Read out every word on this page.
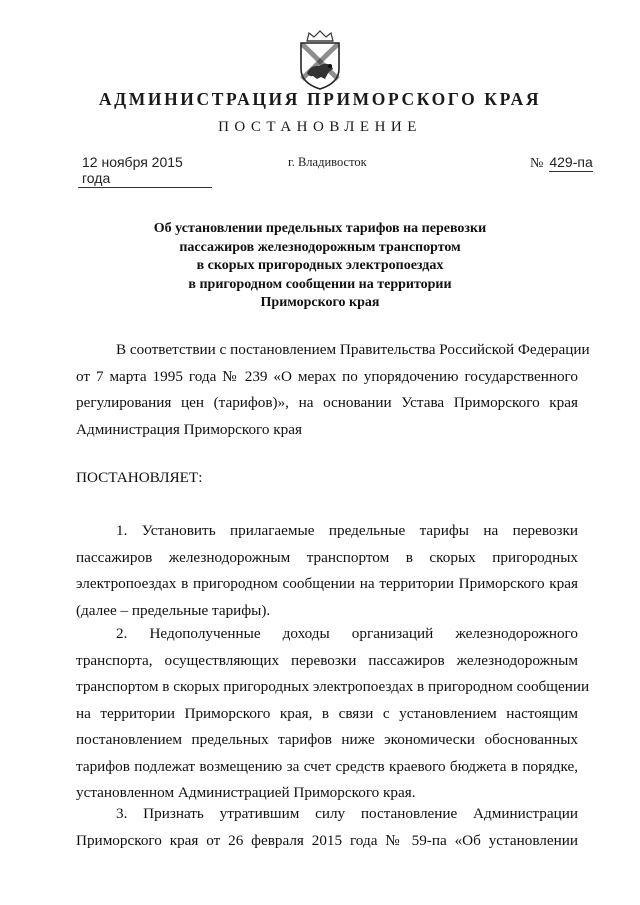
АДМИНИСТРАЦИЯ ПРИМОРСКОГО КРАЯ
ПОСТАНОВЛЕНИЕ
12 ноября 2015 года
г. Владивосток	№ 429-па
Об установлении предельных тарифов на перевозки
пассажиров железнодорожным транспортом
в скорых пригородных электропоездах
в пригородном сообщении на территории
Приморского края
В соответствии с постановлением Правительства Российской Федерации
от 7 марта 1995 года № 239 «О мерах по упорядочению государственного
регулирования цен (тарифов)», на основании Устава Приморского края
Администрация Приморского края
ПОСТАНОВЛЯЕТ:
1. Установить прилагаемые предельные тарифы на перевозки
пассажиров железнодорожным транспортом в скорых пригородных
электропоездах в пригородном сообщении на территории Приморского края
(далее – предельные тарифы).
2. Недополученные доходы организаций железнодорожного
транспорта, осуществляющих перевозки пассажиров железнодорожным
транспортом в скорых пригородных электропоездах в пригородном сообщении
на территории Приморского края, в связи с установлением настоящим
постановлением предельных тарифов ниже экономически обоснованных
тарифов подлежат возмещению за счет средств краевого бюджета в порядке,
установленном Администрацией Приморского края.
3. Признать утратившим силу постановление Администрации
Приморского края от 26 февраля 2015 года № 59-па «Об установлении
